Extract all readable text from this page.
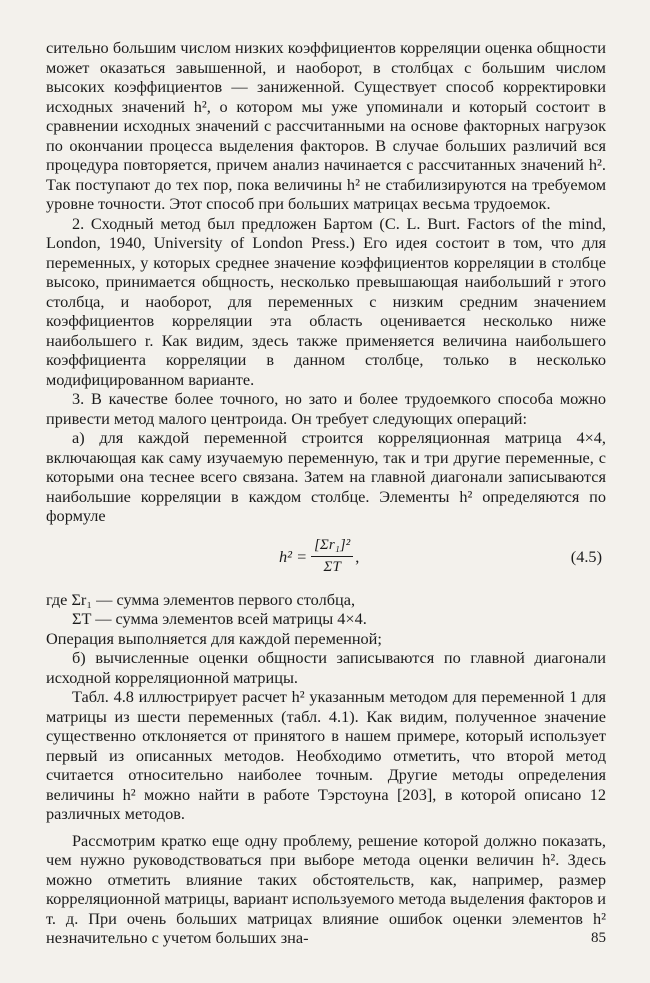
сительно большим числом низких коэффициентов корреляции оценка общности может оказаться завышенной, и наоборот, в столбцах с большим числом высоких коэффициентов — заниженной. Существует способ корректировки исходных значений h², о котором мы уже упоминали и который состоит в сравнении исходных значений с рассчитанными на основе факторных нагрузок по окончании процесса выделения факторов. В случае больших различий вся процедура повторяется, причем анализ начинается с рассчитанных значений h². Так поступают до тех пор, пока величины h² не стабилизируются на требуемом уровне точности. Этот способ при больших матрицах весьма трудоемок.

2. Сходный метод был предложен Бартом (C. L. Burt. Factors of the mind, London, 1940, University of London Press.) Его идея состоит в том, что для переменных, у которых среднее значение коэффициентов корреляции в столбце высоко, принимается общность, несколько превышающая наибольший r этого столбца, и наоборот, для переменных с низким средним значением коэффициентов корреляции эта область оценивается несколько ниже наибольшего r. Как видим, здесь также применяется величина наибольшего коэффициента корреляции в данном столбце, только в несколько модифицированном варианте.

3. В качестве более точного, но зато и более трудоемкого способа можно привести метод малого центроида. Он требует следующих операций:

а) для каждой переменной строится корреляционная матрица 4×4, включающая как саму изучаемую переменную, так и три другие переменные, с которыми она теснее всего связана. Затем на главной диагонали записываются наибольшие корреляции в каждом столбце. Элементы h² определяются по формуле

$h^2 = \frac{\text{[Σr₁]²}}{\Sigma T}$ ,	(4.5)

где Σr₁ — сумма элементов первого столбца,

ΣT — сумма элементов всей матрицы 4×4.

Операция выполняется для каждой переменной;

б) вычисленные оценки общности записываются по главной диагонали исходной корреляционной матрицы.

Табл. 4.8 иллюстрирует расчет h² указанным методом для переменной 1 для матрицы из шести переменных (табл. 4.1). Как видим, полученное значение существенно отклоняется от принятого в нашем примере, который использует первый из описанных методов. Необходимо отметить, что второй метод считается относительно наиболее точным. Другие методы определения величины h² можно найти в работе Тэрстоуна [203], в которой описано 12 различных методов.

Рассмотрим кратко еще одну проблему, решение которой должно показать, чем нужно руководствоваться при выборе метода оценки величин h². Здесь можно отметить влияние таких обстоятельств, как, например, размер корреляционной матрицы, вариант используемого метода выделения факторов и т. д. При очень больших матрицах влияние ошибок оценки элементов h² незначительно с учетом больших зна-	85
